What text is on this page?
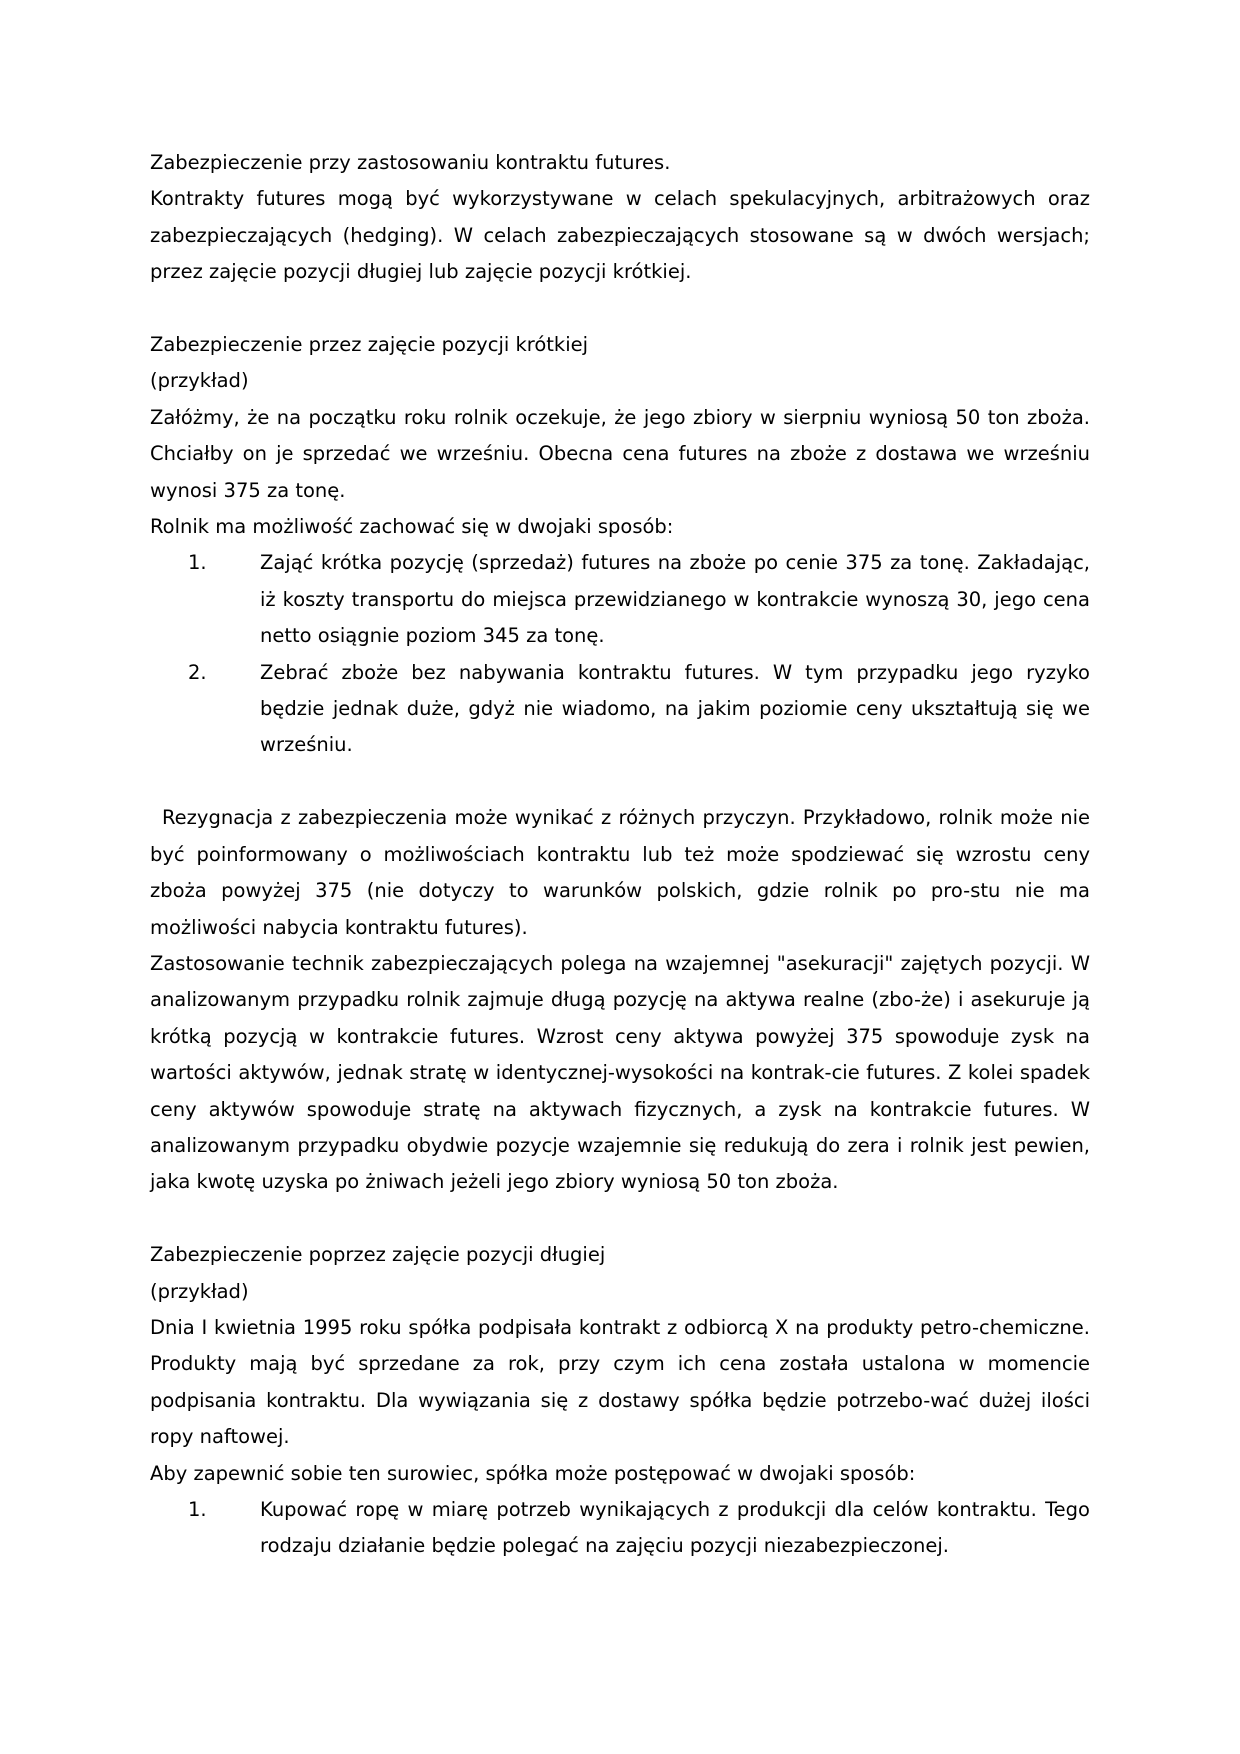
Zabezpieczenie przy zastosowaniu kontraktu futures.

Kontrakty futures mogą być wykorzystywane w celach spekulacyjnych, arbitrażowych oraz zabezpieczających (hedging). W celach zabezpieczających stosowane są w dwóch wersjach; przez zajęcie pozycji długiej lub zajęcie pozycji krótkiej.

Zabezpieczenie przez zajęcie pozycji krótkiej

(przykład)

Załóżmy, że na początku roku rolnik oczekuje, że jego zbiory w sierpniu wyniosą 50 ton zboża. Chciałby on je sprzedać we wrześniu. Obecna cena futures na zboże z dostawa we wrześniu wynosi 375 za tonę.

Rolnik ma możliwość zachować się w dwojaki sposób:

1.	Zająć krótka pozycję (sprzedaż) futures na zboże po cenie 375 za tonę. Zakładając, iż koszty transportu do miejsca przewidzianego w kontrakcie wynoszą 30, jego cena netto osiągnie poziom 345 za tonę.
2.	Zebrać zboże bez nabywania kontraktu futures. W tym przypadku jego ryzyko będzie jednak duże, gdyż nie wiadomo, na jakim poziomie ceny ukształtują się we wrześniu.

Rezygnacja z zabezpieczenia może wynikać z różnych przyczyn. Przykładowo, rolnik może nie być poinformowany o możliwościach kontraktu lub też może spodziewać się wzrostu ceny zboża powyżej 375 (nie dotyczy to warunków polskich, gdzie rolnik po pro-stu nie ma możliwości nabycia kontraktu futures).

Zastosowanie technik zabezpieczających polega na wzajemnej "asekuracji" zajętych pozycji. W analizowanym przypadku rolnik zajmuje długą pozycję na aktywa realne (zbo-że) i asekuruje ją krótką pozycją w kontrakcie futures. Wzrost ceny aktywa powyżej 375 spowoduje zysk na wartości aktywów, jednak stratę w identycznej-wysokości na kontrak-cie futures. Z kolei spadek ceny aktywów spowoduje stratę na aktywach fizycznych, a zysk na kontrakcie futures. W analizowanym przypadku obydwie pozycje wzajemnie się redukują do zera i rolnik jest pewien, jaka kwotę uzyska po żniwach jeżeli jego zbiory wyniosą 50 ton zboża.

Zabezpieczenie poprzez zajęcie pozycji długiej

(przykład)

Dnia I kwietnia 1995 roku spółka podpisała kontrakt z odbiorcą X na produkty petro-chemiczne. Produkty mają być sprzedane za rok, przy czym ich cena została ustalona w momencie podpisania kontraktu. Dla wywiązania się z dostawy spółka będzie potrzebo-wać dużej ilości ropy naftowej.

Aby zapewnić sobie ten surowiec, spółka może postępować w dwojaki sposób:

1.	Kupować ropę w miarę potrzeb wynikających z produkcji dla celów kontraktu. Tego rodzaju działanie będzie polegać na zajęciu pozycji niezabezpieczonej.
